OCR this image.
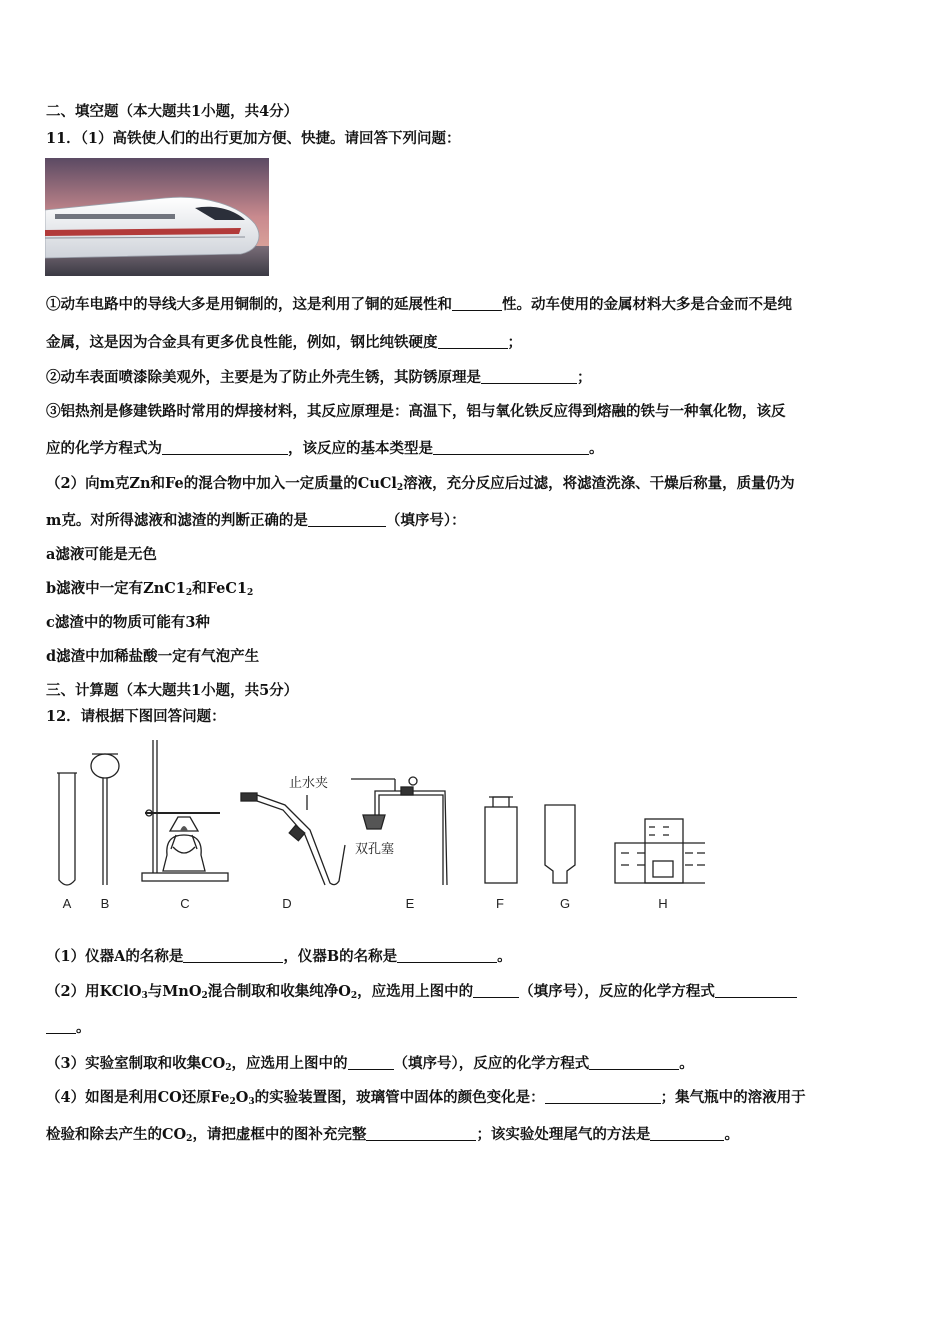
二、填空题（本大题共1小题，共4分）
11．（1）高铁使人们的出行更加方便、快捷。请回答下列问题：
①动车电路中的导线大多是用铜制的，这是利用了铜的延展性和	性。动车使用的金属材料大多是合金而不是纯
金属，这是因为合金具有更多优良性能，例如，钢比纯铁硬度	；
②动车表面喷漆除美观外，主要是为了防止外壳生锈，其防锈原理是	；
③铝热剂是修建铁路时常用的焊接材料，其反应原理是：高温下，铝与氧化铁反应得到熔融的铁与一种氧化物，该反
应的化学方程式为	，该反应的基本类型是	。
（2）向m克Zn和Fe的混合物中加入一定质量的CuCl$_2$溶液，充分反应后过滤，将滤渣洗涤、干燥后称量，质量仍为
m克。对所得滤液和滤渣的判断正确的是	（填序号）：
a滤液可能是无色
b滤液中一定有$ZnC1_2$和$FeC1_2$
c滤渣中的物质可能有3种
d滤渣中加稀盐酸一定有气泡产生
三、计算题（本大题共1小题，共5分）
12．请根据下图回答问题：
止水夹
双孔塞
A B	C	D	E	F	G	H
（1）仪器A的名称是	，仪器B的名称是	。
（2）用KClO$_3$与MnO$_2$混合制取和收集纯净$O_2$，应选用上图中的	（填序号），反应的化学方程式
。
（3）实验室制取和收集$CO_2$，应选用上图中的	（填序号），反应的化学方程式	。
（4）如图是利用CO还原$Fe_2O_3$的实验装置图，玻璃管中固体的颜色变化是：	；集气瓶中的溶液用于
检验和除去产生的$CO_2$，请把虚框中的图补充完整	；该实验处理尾气的方法是	。
